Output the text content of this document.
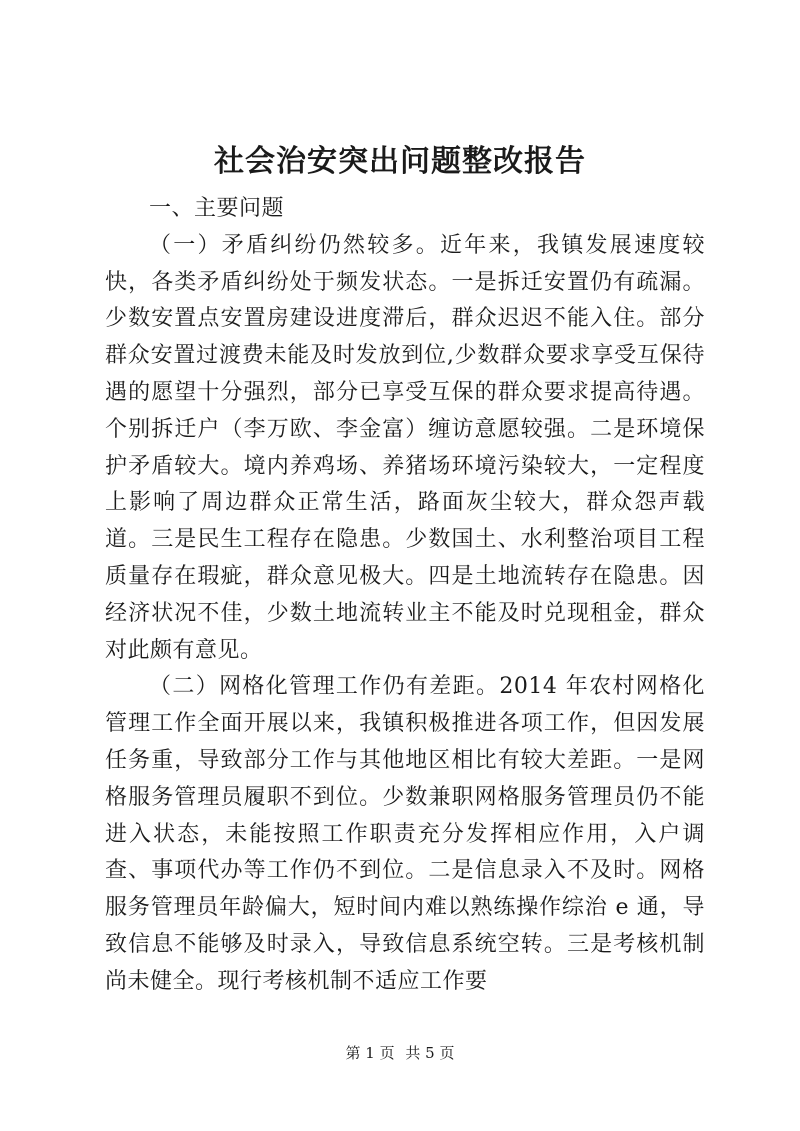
社会治安突出问题整改报告

一、主要问题

（一）矛盾纠纷仍然较多。近年来，我镇发展速度较快，各类矛盾纠纷处于频发状态。一是拆迁安置仍有疏漏。少数安置点安置房建设进度滞后，群众迟迟不能入住。部分群众安置过渡费未能及时发放到位,少数群众要求享受互保待遇的愿望十分强烈，部分已享受互保的群众要求提高待遇。个别拆迁户（李万欧、李金富）缠访意愿较强。二是环境保护矛盾较大。境内养鸡场、养猪场环境污染较大，一定程度上影响了周边群众正常生活，路面灰尘较大，群众怨声载道。三是民生工程存在隐患。少数国土、水利整治项目工程质量存在瑕疵，群众意见极大。四是土地流转存在隐患。因经济状况不佳，少数土地流转业主不能及时兑现租金，群众对此颇有意见。

（二）网格化管理工作仍有差距。2014 年农村网格化管理工作全面开展以来，我镇积极推进各项工作，但因发展任务重，导致部分工作与其他地区相比有较大差距。一是网格服务管理员履职不到位。少数兼职网格服务管理员仍不能进入状态，未能按照工作职责充分发挥相应作用，入户调查、事项代办等工作仍不到位。二是信息录入不及时。网格服务管理员年龄偏大，短时间内难以熟练操作综治 e 通，导致信息不能够及时录入，导致信息系统空转。三是考核机制尚未健全。现行考核机制不适应工作要

第 1 页 共 5 页
